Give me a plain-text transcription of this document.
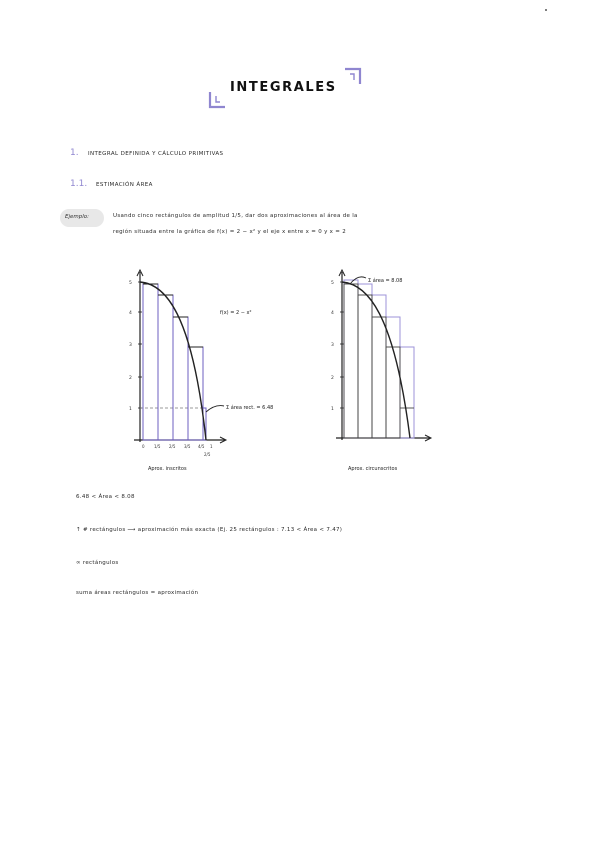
INTEGRALES
1. INTEGRAL DEFINIDA Y CÁLCULO PRIMITIVAS
1.1. ESTIMACIÓN ÁREA
Ejemplo:	Usando cinco rectángulos de amplitud 1/5, dar dos aproximaciones al área de la
región situada entre la gráfica de f(x) = 2 − x² y el eje x entre x = 0 y x = 2
5
4
3
2
1
0 1/5 2/5 3/5 4/5 1
2/5
f(x) = 2 − x²
Σ área rect. = 6.48
Aprox. inscritos
5
4
3
2
1
Σ área = 8.08
Aprox. circunscritos
6.48 < Área < 8.08
↑ # rectángulos ⟶ aproximación más exacta (Ej. 25 rectángulos : 7.13 < Área < 7.47)
∞ rectángulos
suma áreas rectángulos = aproximación
